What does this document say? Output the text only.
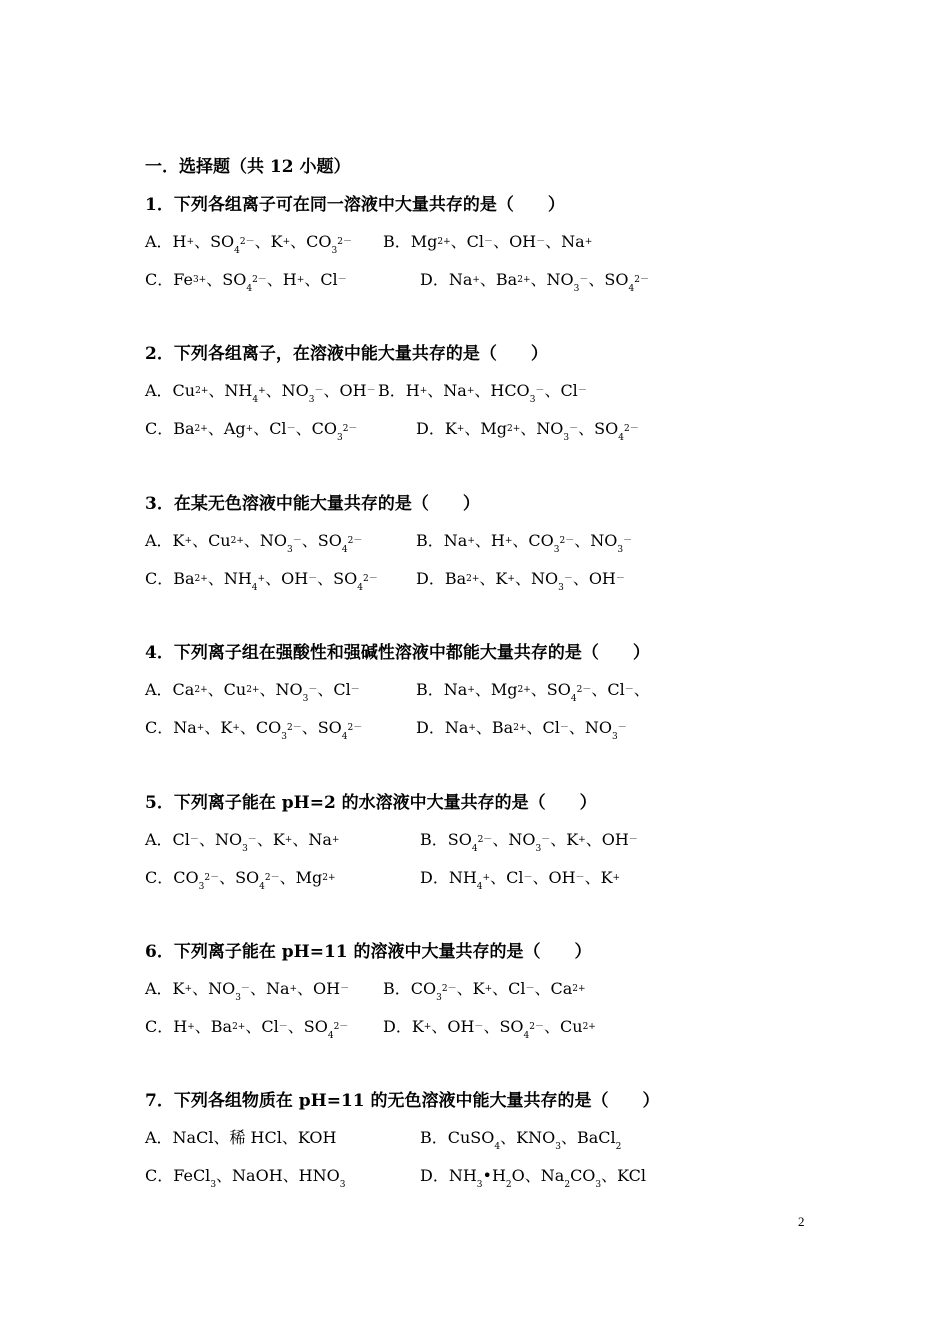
一．选择题（共 12 小题）
1．下列各组离子可在同一溶液中大量共存的是（　　）
A．H+、$SO_4^{2-}$、K+、$CO_3^{2-}$ B．$Mg^{2+}$、Cl－、OH－、Na+
C．$Fe^{3+}$、$SO_4^{2-}$、H+、Cl－	D．Na+、$Ba^{2+}$、$NO_3^-$、$SO_4^{2-}$
2．下列各组离子，在溶液中能大量共存的是（　　）
A．$Cu^{2+}$、$NH_4^+$、$NO_3^-$、OH－ B．H+、Na+、$HCO_3^-$、Cl－
C．$Ba^{2+}$、Ag+、Cl－、$CO_3^{2-}$	D．K+、$Mg^{2+}$、$NO_3^-$、$SO_4^{2-}$
3．在某无色溶液中能大量共存的是（　　）
A．K+、$Cu^{2+}$、$NO_3^-$、$SO_4^{2-}$	B．Na+、H+、$CO_3^{2-}$、$NO_3^-$
C．$Ba^{2+}$、$NH_4^+$、OH－、$SO_4^{2-}$ D．$Ba^{2+}$、K+、$NO_3^-$、OH－
4．下列离子组在强酸性和强碱性溶液中都能大量共存的是（　　）
A．$Ca^{2+}$、$Cu^{2+}$、$NO_3^-$、Cl－	B．Na+、$Mg^{2+}$、$SO_4^{2-}$、Cl－、
C．Na+、K+、$CO_3^{2-}$、$SO_4^{2-}$	D．Na+、$Ba^{2+}$、Cl－、$NO_3^-$
5．下列离子能在 pH=2 的水溶液中大量共存的是（　　）
A．Cl－、$NO_3^-$、K+、Na+	B．$SO_4^{2-}$、$NO_3^-$、K+、OH－
C．$CO_3^{2-}$、$SO_4^{2-}$、$Mg^{2+}$	D．$NH_4^+$、Cl－、OH－、K+
6．下列离子能在 pH=11 的溶液中大量共存的是（　　）
A．K+、$NO_3^-$、Na+、OH－ B．$CO_3^{2-}$、K+、Cl－、$Ca^{2+}$
C．H+、$Ba^{2+}$、Cl－、$SO_4^{2-}$ D．K+、OH－、$SO_4^{2-}$、$Cu^{2+}$
7．下列各组物质在 pH=11 的无色溶液中能大量共存的是（　　）
A．NaCl、稀 HCl、KOH	B．CuSO$_4$、$KNO_3$、BaCl$_2$
C．FeCl$_3$、NaOH、$HNO_3$	D．$NH_3•H_2O$、$Na_2CO_3$、KCl
2
